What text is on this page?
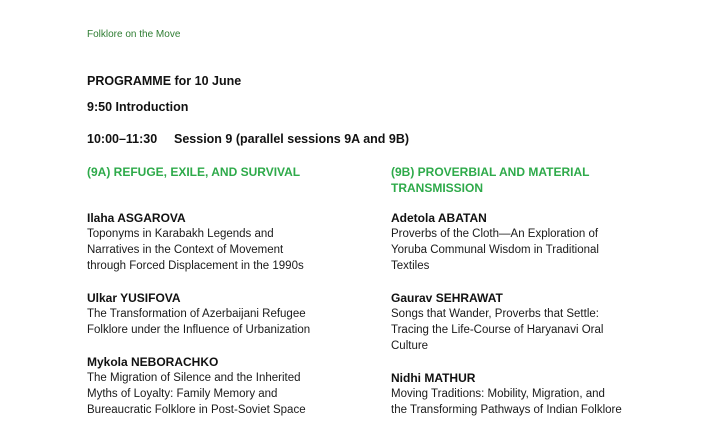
Folklore on the Move
PROGRAMME for 10 June
9:50 Introduction
10:00–11:30 Session 9 (parallel sessions 9A and 9B)
(9A) REFUGE, EXILE, AND SURVIVAL
Ilaha ASGAROVA
Toponyms in Karabakh Legends and
Narratives in the Context of Movement
through Forced Displacement in the 1990s
Ulkar YUSIFOVA
The Transformation of Azerbaijani Refugee
Folklore under the Influence of Urbanization
Mykola NEBORACHKO
The Migration of Silence and the Inherited
Myths of Loyalty: Family Memory and
Bureaucratic Folklore in Post-Soviet Space
(9B) PROVERBIAL AND MATERIAL
TRANSMISSION
Adetola ABATAN
Proverbs of the Cloth—An Exploration of
Yoruba Communal Wisdom in Traditional
Textiles
Gaurav SEHRAWAT
Songs that Wander, Proverbs that Settle:
Tracing the Life-Course of Haryanavi Oral
Culture
Nidhi MATHUR
Moving Traditions: Mobility, Migration, and
the Transforming Pathways of Indian Folklore
